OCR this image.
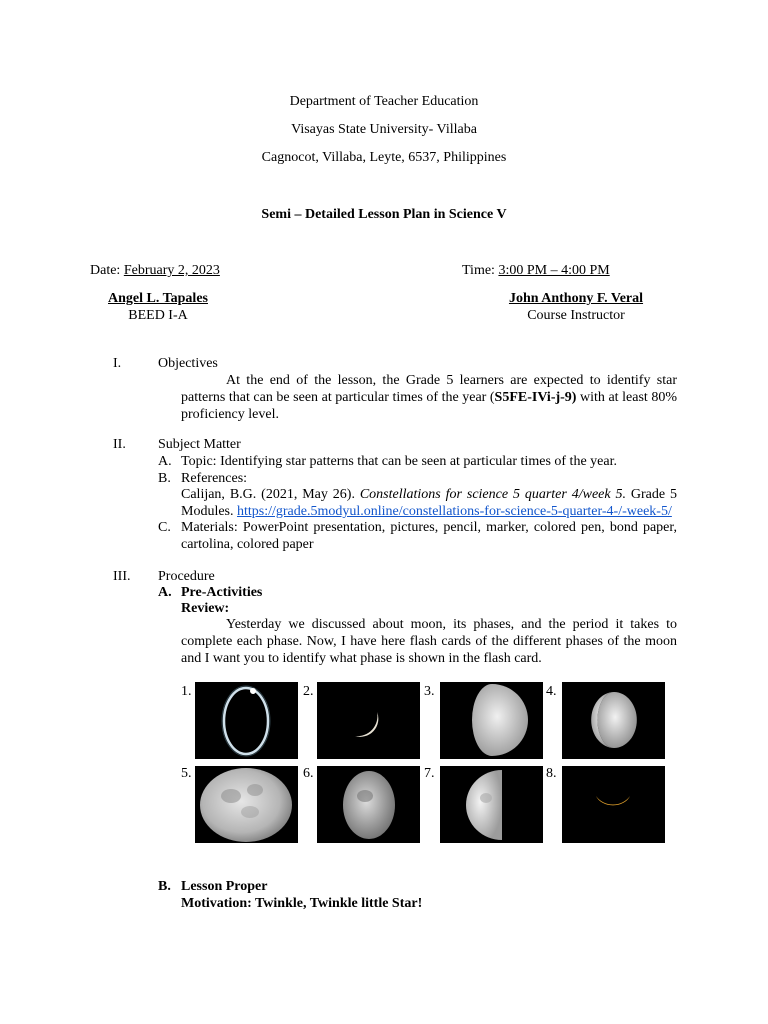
Department of Teacher Education
Visayas State University- Villaba
Cagnocot, Villaba, Leyte, 6537, Philippines
Semi – Detailed Lesson Plan in Science V
Date: February 2, 2023	Time: 3:00 PM – 4:00 PM
Angel L. Tapales
BEED I-A
John Anthony F. Veral
Course Instructor
I.	Objectives
At the end of the lesson, the Grade 5 learners are expected to identify star patterns that can be seen at particular times of the year (S5FE-IVi-j-9) with at least 80% proficiency level.
II. Subject Matter
A. Topic: Identifying star patterns that can be seen at particular times of the year.
B. References:
Calijan, B.G. (2021, May 26). Constellations for science 5 quarter 4/week 5. Grade 5 Modules. https://grade.5modyul.online/constellations-for-science-5-quarter-4-/-week-5/
C. Materials: PowerPoint presentation, pictures, pencil, marker, colored pen, bond paper, cartolina, colored paper
III. Procedure
A. Pre-Activities
Review:
Yesterday we discussed about moon, its phases, and the period it takes to complete each phase. Now, I have here flash cards of the different phases of the moon and I want you to identify what phase is shown in the flash card.
1.	2.	3.	4.
5.	6.	7.	8.
B. Lesson Proper
Motivation: Twinkle, Twinkle little Star!
